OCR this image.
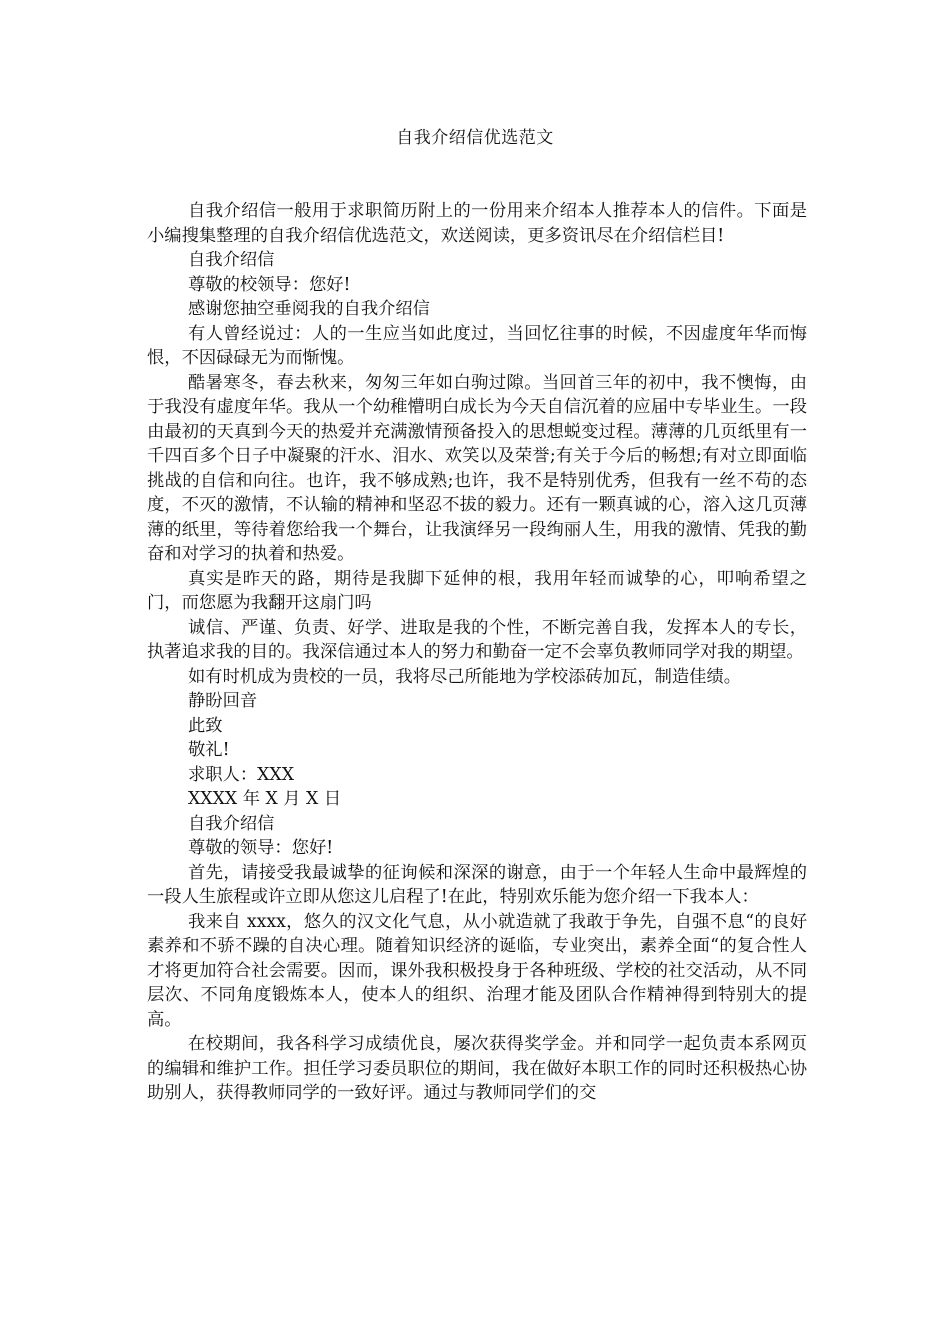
自我介绍信优选范文

自我介绍信一般用于求职简历附上的一份用来介绍本人推荐本人的信件。下面是小编搜集整理的自我介绍信优选范文，欢送阅读，更多资讯尽在介绍信栏目!

自我介绍信

尊敬的校领导：您好!

感谢您抽空垂阅我的自我介绍信

有人曾经说过：人的一生应当如此度过，当回忆往事的时候，不因虚度年华而悔恨，不因碌碌无为而惭愧。

酷暑寒冬，春去秋来，匆匆三年如白驹过隙。当回首三年的初中，我不懊悔，由于我没有虚度年华。我从一个幼稚懵明白成长为今天自信沉着的应届中专毕业生。一段由最初的天真到今天的热爱并充满激情预备投入的思想蜕变过程。薄薄的几页纸里有一千四百多个日子中凝聚的汗水、泪水、欢笑以及荣誉;有关于今后的畅想;有对立即面临挑战的自信和向往。也许，我不够成熟;也许，我不是特别优秀，但我有一丝不苟的态度，不灭的激情，不认输的精神和坚忍不拔的毅力。还有一颗真诚的心，溶入这几页薄薄的纸里，等待着您给我一个舞台，让我演绎另一段绚丽人生，用我的激情、凭我的勤奋和对学习的执着和热爱。

真实是昨天的路，期待是我脚下延伸的根，我用年轻而诚挚的心，叩响希望之门，而您愿为我翻开这扇门吗

诚信、严谨、负责、好学、进取是我的个性，不断完善自我，发挥本人的专长，执著追求我的目的。我深信通过本人的努力和勤奋一定不会辜负教师同学对我的期望。

如有时机成为贵校的一员，我将尽己所能地为学校添砖加瓦，制造佳绩。

静盼回音

此致

敬礼!

求职人：XXX

XXXX 年 X 月 X 日

自我介绍信

尊敬的领导：您好!

首先，请接受我最诚挚的征询候和深深的谢意，由于一个年轻人生命中最辉煌的一段人生旅程或许立即从您这儿启程了!在此，特别欢乐能为您介绍一下我本人：

我来自 xxxx，悠久的汉文化气息，从小就造就了我敢于争先，自强不息“的良好素养和不骄不躁的自决心理。随着知识经济的诞临，专业突出，素养全面“的复合性人才将更加符合社会需要。因而，课外我积极投身于各种班级、学校的社交活动，从不同层次、不同角度锻炼本人，使本人的组织、治理才能及团队合作精神得到特别大的提高。

在校期间，我各科学习成绩优良，屡次获得奖学金。并和同学一起负责本系网页的编辑和维护工作。担任学习委员职位的期间，我在做好本职工作的同时还积极热心协助别人，获得教师同学的一致好评。通过与教师同学们的交
